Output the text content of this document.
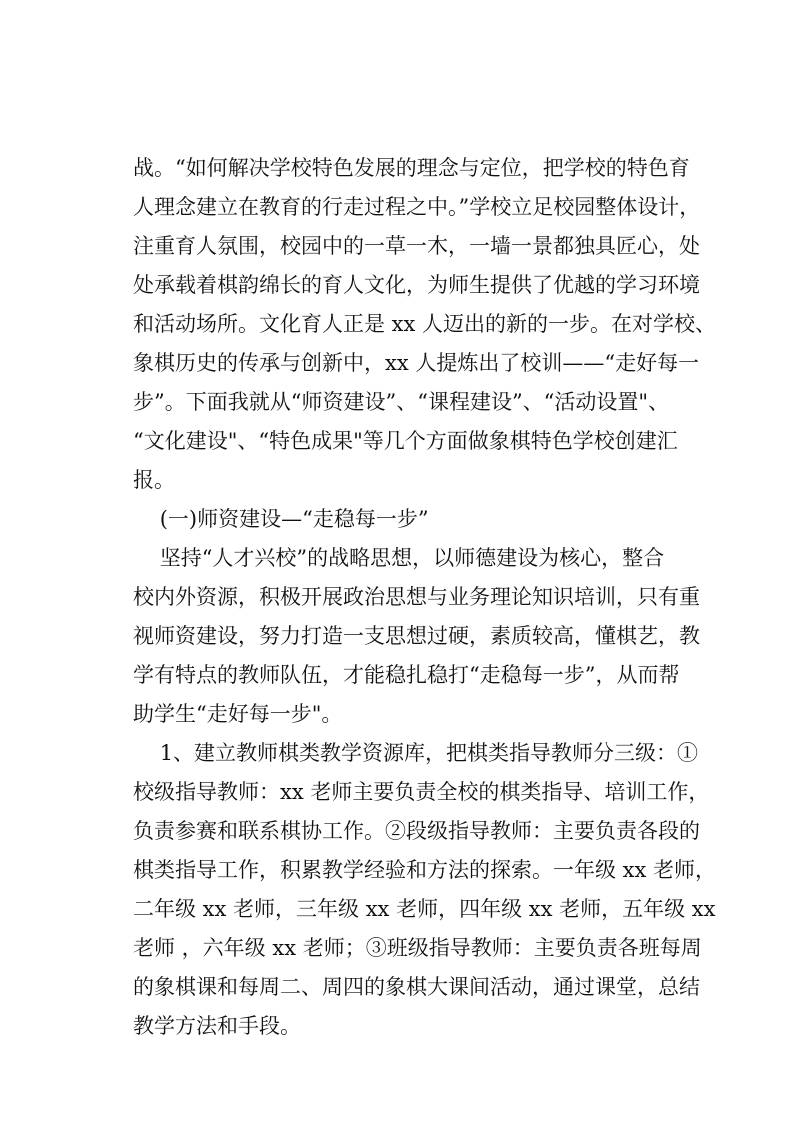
战。“如何解决学校特色发展的理念与定位，把学校的特色育
人理念建立在教育的行走过程之中。”学校立足校园整体设计，
注重育人氛围，校园中的一草一木，一墙一景都独具匠心，处
处承载着棋韵绵长的育人文化，为师生提供了优越的学习环境
和活动场所。文化育人正是 xx 人迈出的新的一步。在对学校、
象棋历史的传承与创新中，xx 人提炼出了校训——“走好每一
步”。下面我就从“师资建设”、“课程建设”、“活动设置"、
“文化建设"、“特色成果"等几个方面做象棋特色学校创建汇
报。
(一)师资建设—“走稳每一步”
坚持“人才兴校”的战略思想，以师德建设为核心，整合
校内外资源，积极开展政治思想与业务理论知识培训，只有重
视师资建设，努力打造一支思想过硬，素质较高，懂棋艺，教
学有特点的教师队伍，才能稳扎稳打“走稳每一步”，从而帮
助学生“走好每一步"。
1、建立教师棋类教学资源库，把棋类指导教师分三级：①
校级指导教师：xx 老师主要负责全校的棋类指导、培训工作，
负责参赛和联系棋协工作。②段级指导教师：主要负责各段的
棋类指导工作，积累教学经验和方法的探索。一年级 xx 老师，
二年级 xx 老师，三年级 xx 老师，四年级 xx 老师，五年级 xx
老师 ，六年级 xx 老师；③班级指导教师：主要负责各班每周
的象棋课和每周二、周四的象棋大课间活动，通过课堂，总结
教学方法和手段。
